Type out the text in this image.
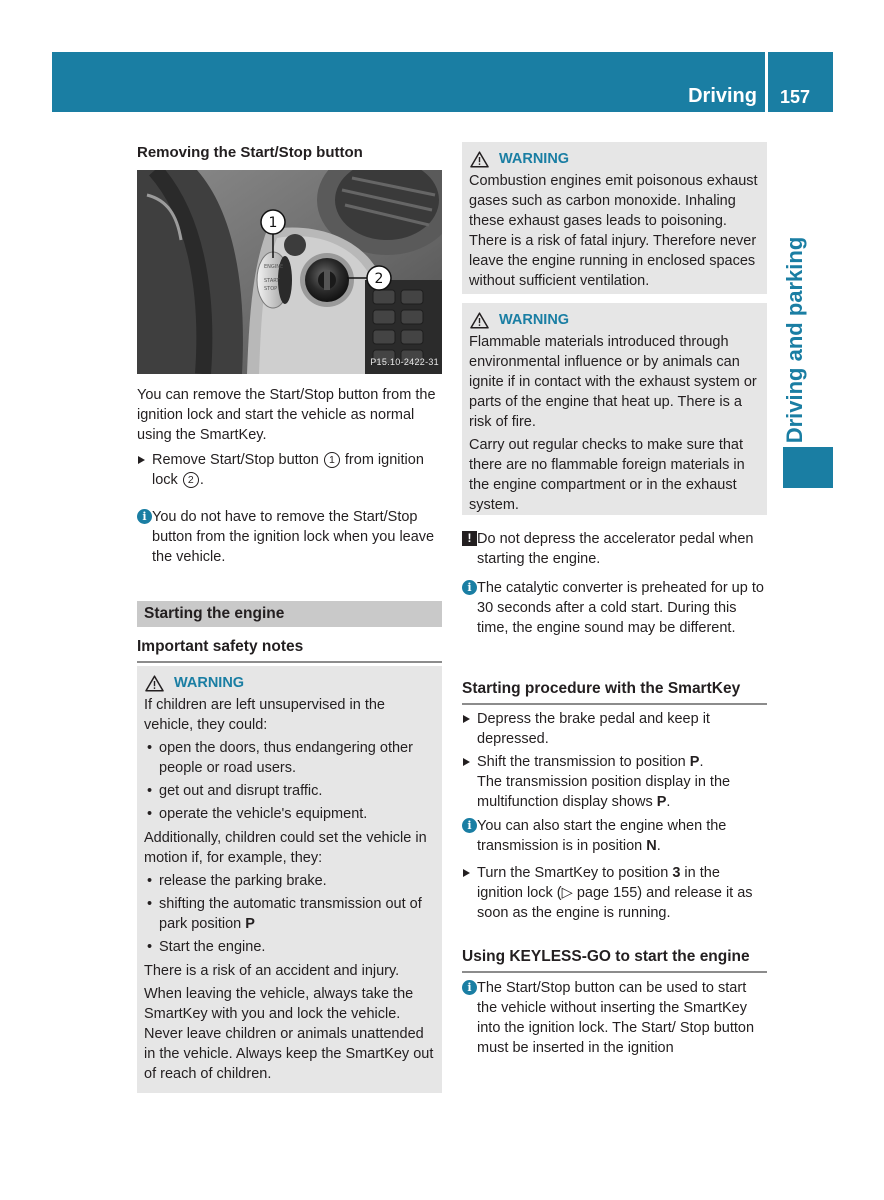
Driving	157
Driving and parking
Removing the Start/Stop button
ENGINE
START
STOP
1
2
P15.10-2422-31

You can remove the Start/Stop button from the ignition lock and start the vehicle as normal using the SmartKey.

Remove Start/Stop button 1 from ignition lock 2 .
i You do not have to remove the Start/Stop button from the ignition lock when you leave the vehicle.
Starting the engine
Important safety notes
WARNING

If children are left unsupervised in the vehicle, they could:

• open the doors, thus endangering other people or road users.
• get out and disrupt traffic.
• operate the vehicle's equipment.

Additionally, children could set the vehicle in motion if, for example, they:

• release the parking brake.
• shifting the automatic transmission out of park position P
• Start the engine.

There is a risk of an accident and injury.

When leaving the vehicle, always take the SmartKey with you and lock the vehicle. Never leave children or animals unattended in the vehicle. Always keep the SmartKey out of reach of children.

WARNING

Combustion engines emit poisonous exhaust gases such as carbon monoxide. Inhaling these exhaust gases leads to poisoning. There is a risk of fatal injury. Therefore never leave the engine running in enclosed spaces without sufficient ventilation.

WARNING

Flammable materials introduced through environmental influence or by animals can ignite if in contact with the exhaust system or parts of the engine that heat up. There is a risk of fire.

Carry out regular checks to make sure that there are no flammable foreign materials in the engine compartment or in the exhaust system.

! Do not depress the accelerator pedal when starting the engine.
i The catalytic converter is preheated for up to 30 seconds after a cold start. During this time, the engine sound may be different.
Starting procedure with the SmartKey
Depress the brake pedal and keep it depressed.
Shift the transmission to position P.
The transmission position display in the multifunction display shows P.
i You can also start the engine when the transmission is in position N.
Turn the SmartKey to position 3 in the ignition lock (▷ page 155) and release it as soon as the engine is running.
Using KEYLESS-GO to start the engine
i The Start/Stop button can be used to start the vehicle without inserting the SmartKey into the ignition lock. The Start/ Stop button must be inserted in the ignition
